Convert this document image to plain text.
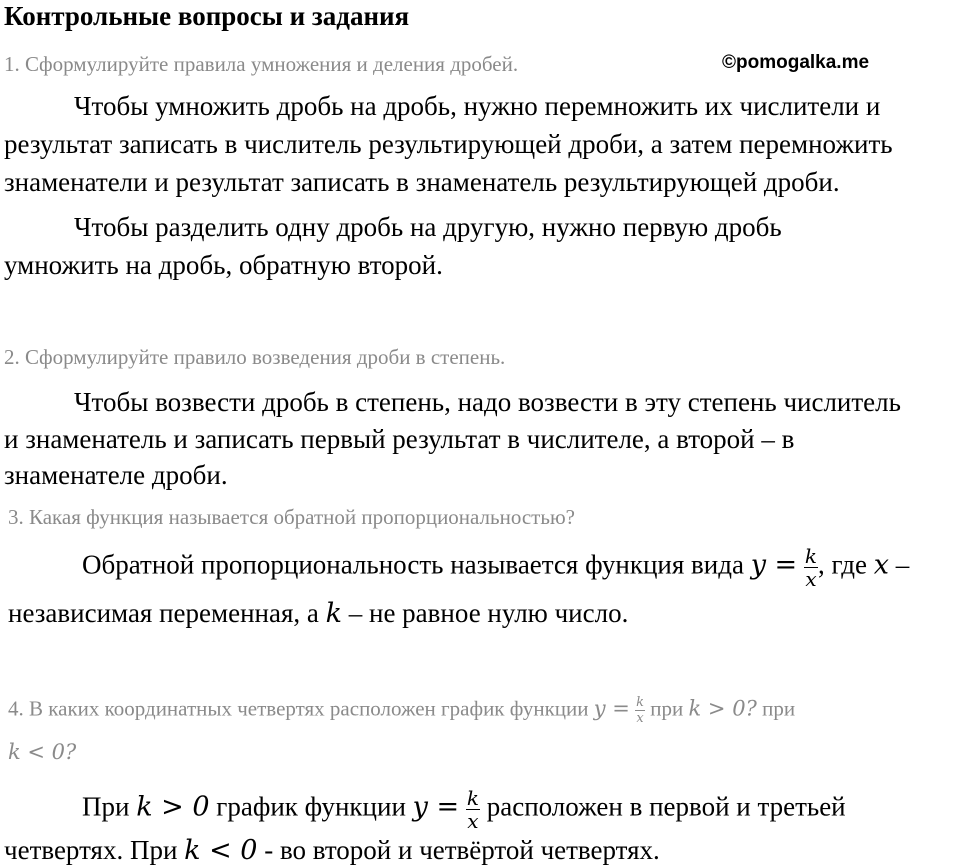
Контрольные вопросы и задания
©pomogalka.me
1. Сформулируйте правила умножения и деления дробей.
Чтобы умножить дробь на дробь, нужно перемножить их числители и
результат записать в числитель результирующей дроби, а затем перемножить
знаменатели и результат записать в знаменатель результирующей дроби.
Чтобы разделить одну дробь на другую, нужно первую дробь
умножить на дробь, обратную второй.
2. Сформулируйте правило возведения дроби в степень.
Чтобы возвести дробь в степень, надо возвести в эту степень числитель
и знаменатель и записать первый результат в числителе, а второй – в
знаменателе дроби.
3. Какая функция называется обратной пропорциональностью?
Обратной пропорциональность называется функция вида $y = \frac{k}{x}$ , где x –
независимая переменная, а k – не равное нулю число.
4. В каких координатных четвертях расположен график функции $y = \frac{k}{x}$ при k > 0? при
k < 0?
При k > 0 график функции $y = \frac{k}{x}$ расположен в первой и третьей
четвертях. При k < 0 - во второй и четвёртой четвертях.
